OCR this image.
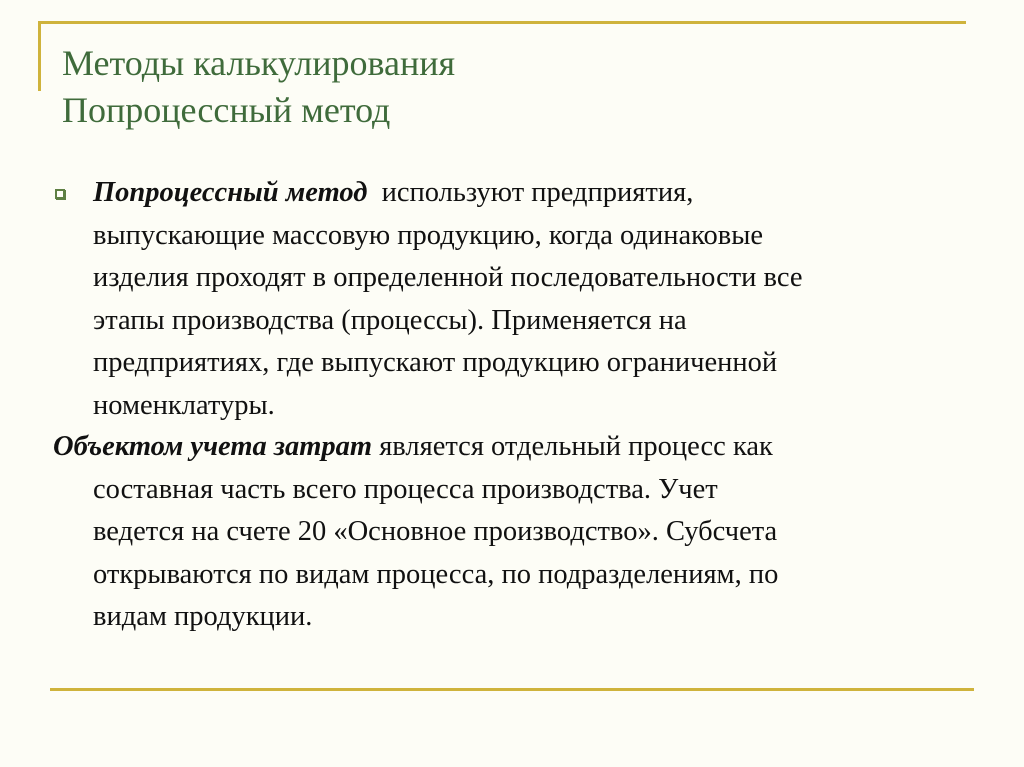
Методы калькулирования
Попроцессный метод

Попроцессный метод используют предприятия,
выпускающие массовую продукцию, когда одинаковые
изделия проходят в определенной последовательности все
этапы производства (процессы). Применяется на
предприятиях, где выпускают продукцию ограниченной
номенклатуры.

Объектом учета затрат является отдельный процесс как
составная часть всего процесса производства. Учет
ведется на счете 20 «Основное производство». Субсчета
открываются по видам процесса, по подразделениям, по
видам продукции.
